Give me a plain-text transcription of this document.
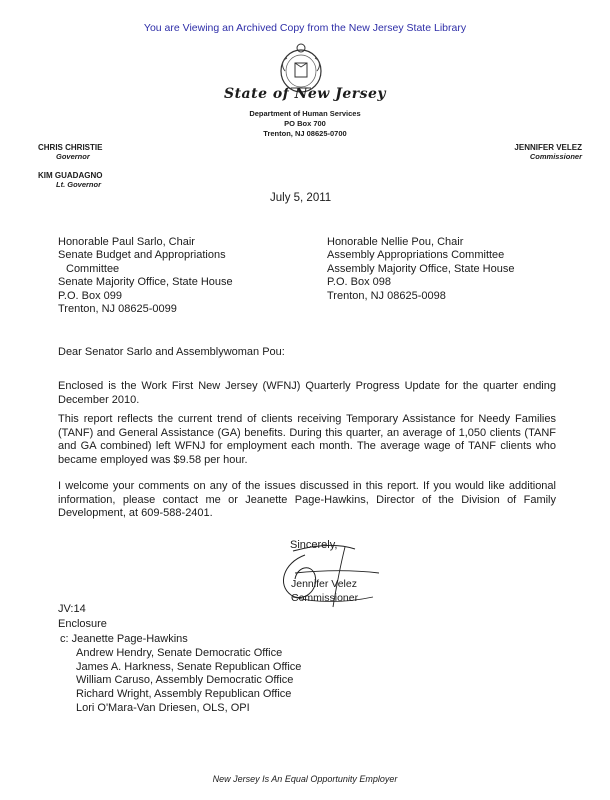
You are Viewing an Archived Copy from the New Jersey State Library
State of New Jersey
Department of Human Services
PO Box 700
Trenton, NJ 08625-0700
CHRIS CHRISTIE
Governor
KIM GUADAGNO
Lt. Governor
JENNIFER VELEZ
Commissioner
July 5, 2011
Honorable Paul Sarlo, Chair
Senate Budget and Appropriations
Committee
Senate Majority Office, State House
P.O. Box 099
Trenton, NJ 08625-0099
Honorable Nellie Pou, Chair
Assembly Appropriations Committee
Assembly Majority Office, State House
P.O. Box 098
Trenton, NJ 08625-0098
Dear Senator Sarlo and Assemblywoman Pou:
Enclosed is the Work First New Jersey (WFNJ) Quarterly Progress Update for the quarter ending December 2010.
This report reflects the current trend of clients receiving Temporary Assistance for Needy Families (TANF) and General Assistance (GA) benefits. During this quarter, an average of 1,050 clients (TANF and GA combined) left WFNJ for employment each month. The average wage of TANF clients who became employed was $9.58 per hour.
I welcome your comments on any of the issues discussed in this report. If you would like additional information, please contact me or Jeanette Page-Hawkins, Director of the Division of Family Development, at 609-588-2401.
Sincerely,
Jennifer Velez
Commissioner
JV:14
Enclosure
c: Jeanette Page-Hawkins
Andrew Hendry, Senate Democratic Office
James A. Harkness, Senate Republican Office
William Caruso, Assembly Democratic Office
Richard Wright, Assembly Republican Office
Lori O'Mara-Van Driesen, OLS, OPI
New Jersey Is An Equal Opportunity Employer
